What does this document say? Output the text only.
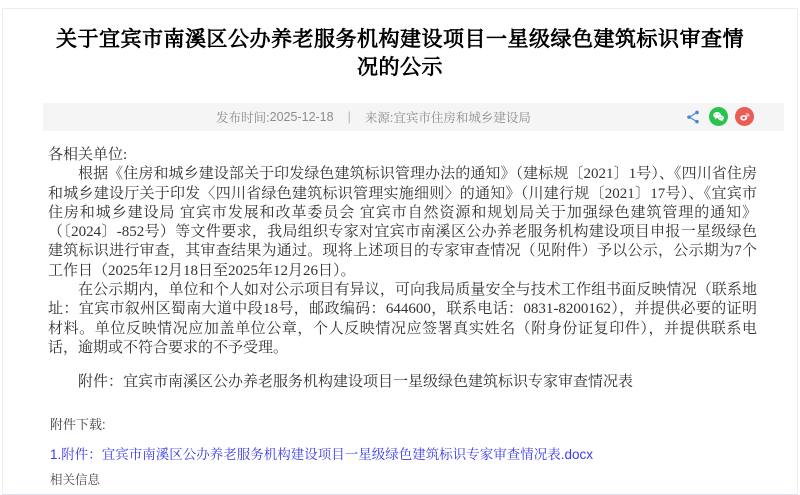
关于宜宾市南溪区公办养老服务机构建设项目一星级绿色建筑标识审查情况的公示
发布时间: 2025-12-18 | 来源: 宜宾市住房和城乡建设局

各相关单位:

根据《住房和城乡建设部关于印发绿色建筑标识管理办法的通知》（建标规〔2021〕1号）、《四川省住房和城乡建设厅关于印发〈四川省绿色建筑标识管理实施细则〉的通知》（川建行规〔2021〕17号）、《宜宾市住房和城乡建设局 宜宾市发展和改革委员会 宜宾市自然资源和规划局关于加强绿色建筑管理的通知》（〔2024〕-852号）等文件要求，我局组织专家对宜宾市南溪区公办养老服务机构建设项目申报一星级绿色建筑标识进行审查，其审查结果为通过。现将上述项目的专家审查情况（见附件）予以公示，公示期为7个工作日（2025年12月18日至2025年12月26日）。

在公示期内，单位和个人如对公示项目有异议，可向我局质量安全与技术工作组书面反映情况（联系地址：宜宾市叙州区蜀南大道中段18号，邮政编码：644600，联系电话：0831-8200162），并提供必要的证明材料。单位反映情况应加盖单位公章，个人反映情况应签署真实姓名（附身份证复印件），并提供联系电话，逾期或不符合要求的不予受理。

附件：宜宾市南溪区公办养老服务机构建设项目一星级绿色建筑标识专家审查情况表

附件下载:
1.附件：宜宾市南溪区公办养老服务机构建设项目一星级绿色建筑标识专家审查情况表.docx
相关信息
